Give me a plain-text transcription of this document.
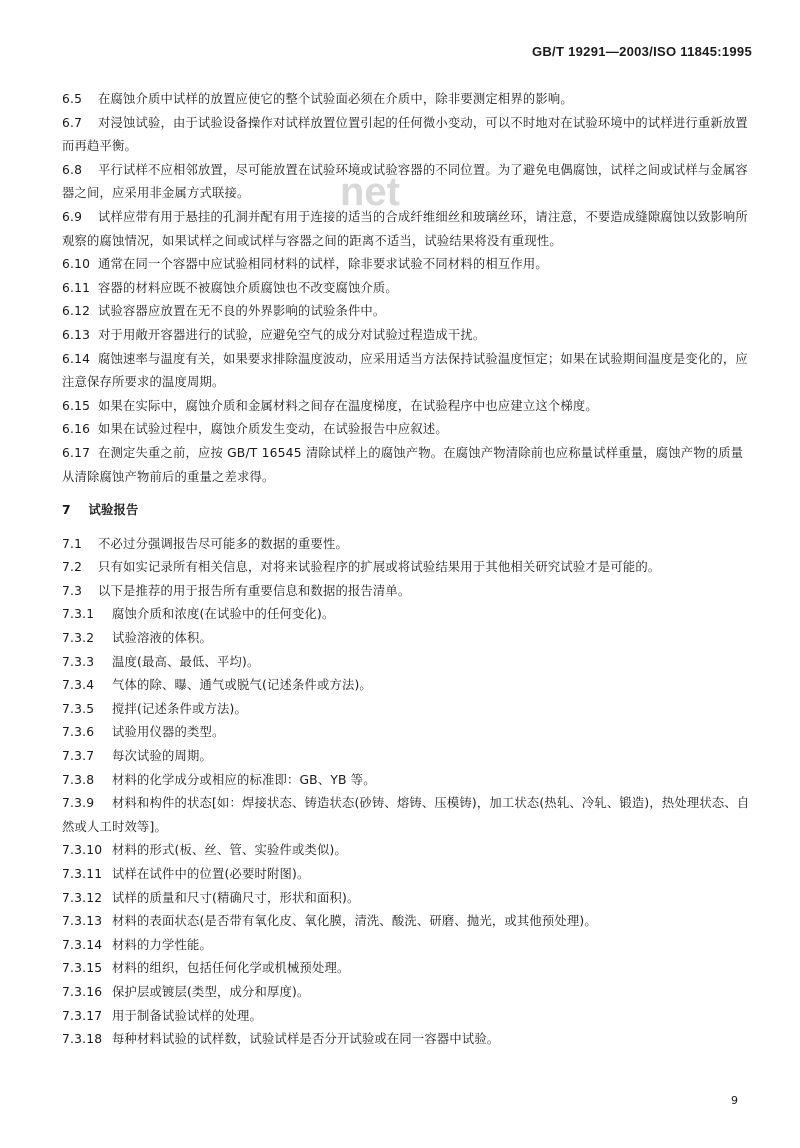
GB/T 19291—2003/ISO 11845:1995
net
6.5 在腐蚀介质中试样的放置应使它的整个试验面必须在介质中，除非要测定相界的影响。
6.7 对浸蚀试验，由于试验设备操作对试样放置位置引起的任何微小变动，可以不时地对在试验环境中的试样进行重新放置而再趋平衡。
6.8 平行试样不应相邻放置，尽可能放置在试验环境或试验容器的不同位置。为了避免电偶腐蚀，试样之间或试样与金属容器之间，应采用非金属方式联接。
6.9 试样应带有用于悬挂的孔洞并配有用于连接的适当的合成纤维细丝和玻璃丝环，请注意，不要造成缝隙腐蚀以致影响所观察的腐蚀情况，如果试样之间或试样与容器之间的距离不适当，试验结果将没有重现性。
6.10 通常在同一个容器中应试验相同材料的试样，除非要求试验不同材料的相互作用。
6.11 容器的材料应既不被腐蚀介质腐蚀也不改变腐蚀介质。
6.12 试验容器应放置在无不良的外界影响的试验条件中。
6.13 对于用敞开容器进行的试验，应避免空气的成分对试验过程造成干扰。
6.14 腐蚀速率与温度有关，如果要求排除温度波动，应采用适当方法保持试验温度恒定；如果在试验期间温度是变化的，应注意保存所要求的温度周期。
6.15 如果在实际中，腐蚀介质和金属材料之间存在温度梯度，在试验程序中也应建立这个梯度。
6.16 如果在试验过程中，腐蚀介质发生变动，在试验报告中应叙述。
6.17 在测定失重之前，应按 GB/T 16545 清除试样上的腐蚀产物。在腐蚀产物清除前也应称量试样重量，腐蚀产物的质量从清除腐蚀产物前后的重量之差求得。
7 试验报告
7.1 不必过分强调报告尽可能多的数据的重要性。
7.2 只有如实记录所有相关信息，对将来试验程序的扩展或将试验结果用于其他相关研究试验才是可能的。
7.3 以下是推荐的用于报告所有重要信息和数据的报告清单。
7.3.1 腐蚀介质和浓度(在试验中的任何变化)。
7.3.2 试验溶液的体积。
7.3.3 温度(最高、最低、平均)。
7.3.4 气体的除、曝、通气或脱气(记述条件或方法)。
7.3.5 搅拌(记述条件或方法)。
7.3.6 试验用仪器的类型。
7.3.7 每次试验的周期。
7.3.8 材料的化学成分或相应的标准即：GB、YB 等。
7.3.9 材料和构件的状态[如：焊接状态、铸造状态(砂铸、熔铸、压模铸)，加工状态(热轧、冷轧、锻造)，热处理状态、自然或人工时效等]。
7.3.10 材料的形式(板、丝、管、实验件或类似)。
7.3.11 试样在试件中的位置(必要时附图)。
7.3.12 试样的质量和尺寸(精确尺寸，形状和面积)。
7.3.13 材料的表面状态(是否带有氧化皮、氧化膜，清洗、酸洗、研磨、抛光，或其他预处理)。
7.3.14 材料的力学性能。
7.3.15 材料的组织，包括任何化学或机械预处理。
7.3.16 保护层或镀层(类型，成分和厚度)。
7.3.17 用于制备试验试样的处理。
7.3.18 每种材料试验的试样数，试验试样是否分开试验或在同一容器中试验。
9
